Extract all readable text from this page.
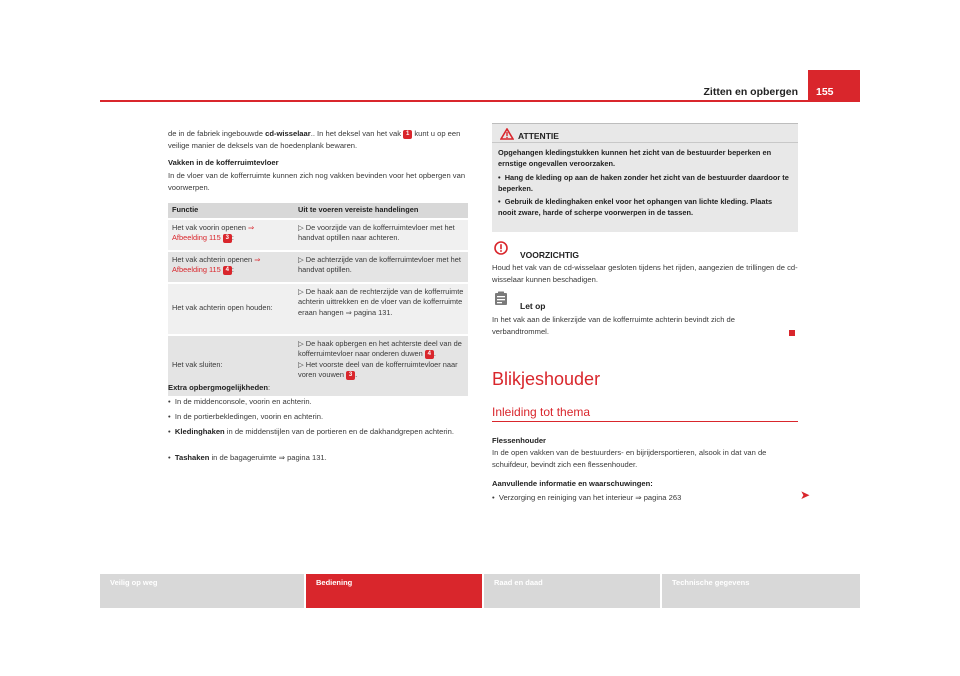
Zitten en opbergen 155
de in de fabriek ingebouwde cd-wisselaar.. In het deksel van het vak 1 kunt u op een veilige manier de deksels van de hoedenplank bewaren.
Vakken in de kofferruimtevloer
In de vloer van de kofferruimte kunnen zich nog vakken bevinden voor het opbergen van voorwerpen.
Functie	Uit te voeren vereiste handelingen
Het vak voorin openen ⇒ Afbeelding 115 3 :	▷ De voorzijde van de kofferruimtevloer met het handvat optillen naar achteren.
Het vak achterin openen ⇒ Afbeelding 115 4 :	▷ De achterzijde van de kofferruimtevloer met het handvat optillen.
Het vak achterin open houden:	▷ De haak aan de rechterzijde van de kofferruimte achterin uittrekken en de vloer van de kofferruimte eraan hangen ⇒ pagina 131.
Het vak sluiten:	▷ De haak opbergen en het achterste deel van de kofferruimtevloer naar onderen duwen 4 .
▷ Het voorste deel van de kofferruimtevloer naar voren vouwen 3 .
Extra opbergmogelijkheden:
•  In de middenconsole, voorin en achterin.
•  In de portierbekledingen, voorin en achterin.
•  Kledinghaken in de middenstijlen van de portieren en de dakhandgrepen achterin.
•  Tashaken in de bagageruimte ⇒ pagina 131.
ATTENTIE
Opgehangen kledingstukken kunnen het zicht van de bestuurder beperken en ernstige ongevallen veroorzaken.
•  Hang de kleding op aan de haken zonder het zicht van de bestuurder daardoor te beperken.
•  Gebruik de kledinghaken enkel voor het ophangen van lichte kleding. Plaats nooit zware, harde of scherpe voorwerpen in de tassen.
VOORZICHTIG
Houd het vak van de cd-wisselaar gesloten tijdens het rijden, aangezien de trillingen de cd-wisselaar kunnen beschadigen.
Let op
In het vak aan de linkerzijde van de kofferruimte achterin bevindt zich de verbandtrommel.
Blikjeshouder
Inleiding tot thema
Flessenhouder
In de open vakken van de bestuurders- en bijrijdersportieren, alsook in dat van de schuifdeur, bevindt zich een flessenhouder.
Aanvullende informatie en waarschuwingen:
•  Verzorging en reiniging van het interieur ⇒ pagina 263	➤
Veilig op weg	Bediening	Raad en daad	Technische gegevens
